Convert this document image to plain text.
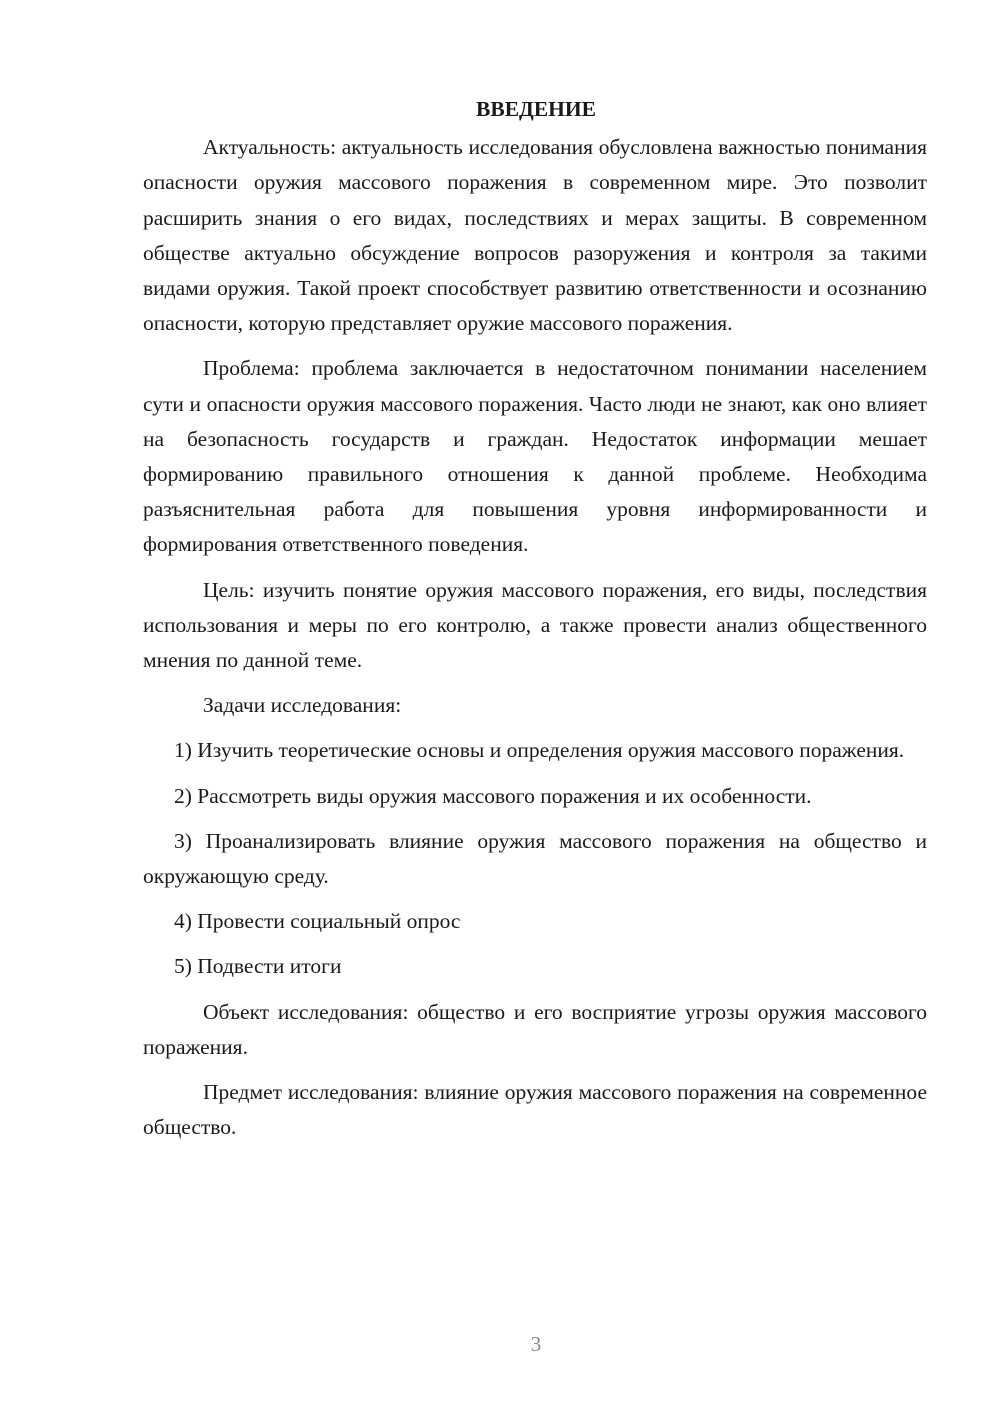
ВВЕДЕНИЕ

Актуальность: актуальность исследования обусловлена важностью понимания опасности оружия массового поражения в современном мире. Это позволит расширить знания о его видах, последствиях и мерах защиты. В современном обществе актуально обсуждение вопросов разоружения и контроля за такими видами оружия. Такой проект способствует развитию ответственности и осознанию опасности, которую представляет оружие массового поражения.

Проблема: проблема заключается в недостаточном понимании населением сути и опасности оружия массового поражения. Часто люди не знают, как оно влияет на безопасность государств и граждан. Недостаток информации мешает формированию правильного отношения к данной проблеме. Необходима разъяснительная работа для повышения уровня информированности и формирования ответственного поведения.

Цель: изучить понятие оружия массового поражения, его виды, последствия использования и меры по его контролю, а также провести анализ общественного мнения по данной теме.

Задачи исследования:

1) Изучить теоретические основы и определения оружия массового поражения.

2) Рассмотреть виды оружия массового поражения и их особенности.

3) Проанализировать влияние оружия массового поражения на общество и окружающую среду.

4) Провести социальный опрос

5) Подвести итоги

Объект исследования: общество и его восприятие угрозы оружия массового поражения.

Предмет исследования: влияние оружия массового поражения на современное общество.

3
